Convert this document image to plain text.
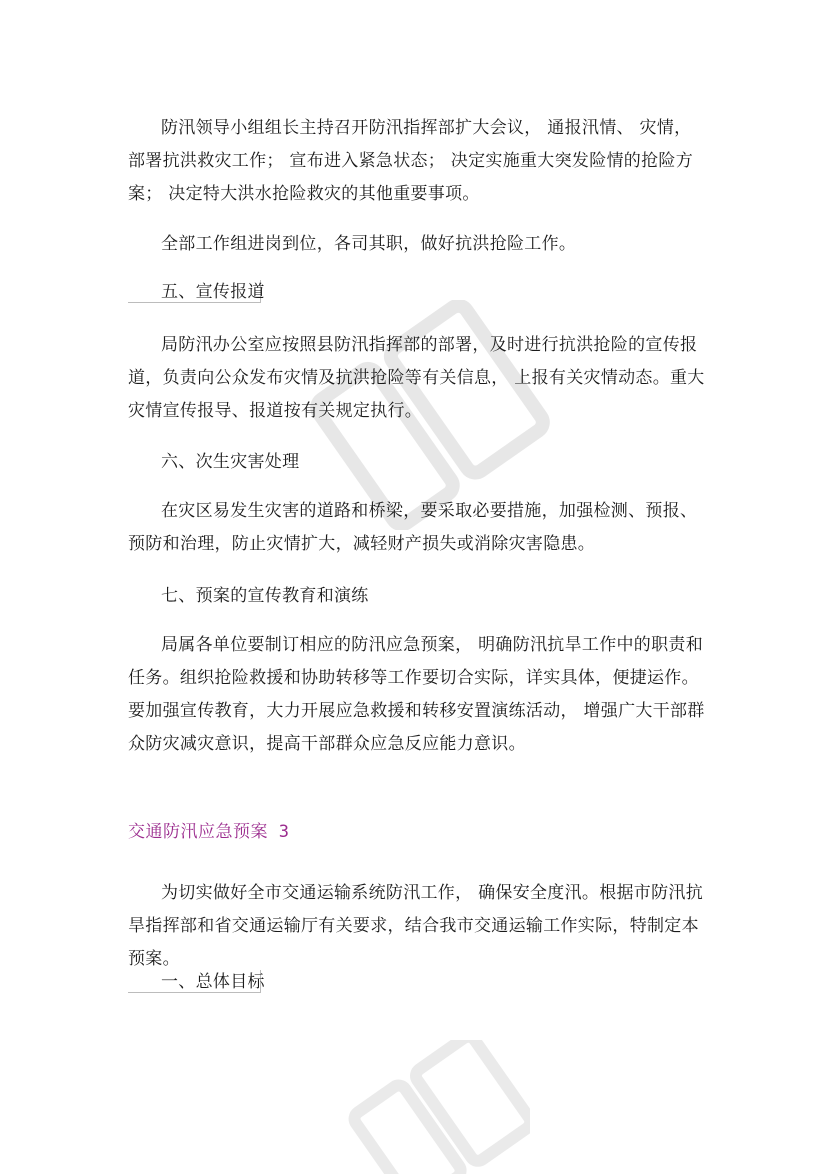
防汛领导小组组长主持召开防汛指挥部扩大会议， 通报汛情、 灾情， 部署抗洪救灾工作； 宣布进入紧急状态； 决定实施重大突发险情的抢险方案； 决定特大洪水抢险救灾的其他重要事项。

全部工作组进岗到位，各司其职，做好抗洪抢险工作。

五、宣传报道

局防汛办公室应按照县防汛指挥部的部署，及时进行抗洪抢险的宣传报道，负责向公众发布灾情及抗洪抢险等有关信息， 上报有关灾情动态。重大灾情宣传报导、报道按有关规定执行。

六、次生灾害处理

在灾区易发生灾害的道路和桥梁，要采取必要措施，加强检测、预报、预防和治理，防止灾情扩大，减轻财产损失或消除灾害隐患。

七、预案的宣传教育和演练

局属各单位要制订相应的防汛应急预案， 明确防汛抗旱工作中的职责和任务。组织抢险救援和协助转移等工作要切合实际，详实具体，便捷运作。要加强宣传教育，大力开展应急救援和转移安置演练活动， 增强广大干部群众防灾减灾意识，提高干部群众应急反应能力意识。

交通防汛应急预案 3

为切实做好全市交通运输系统防汛工作， 确保安全度汛。根据市防汛抗旱指挥部和省交通运输厅有关要求，结合我市交通运输工作实际，特制定本预案。

一、总体目标
